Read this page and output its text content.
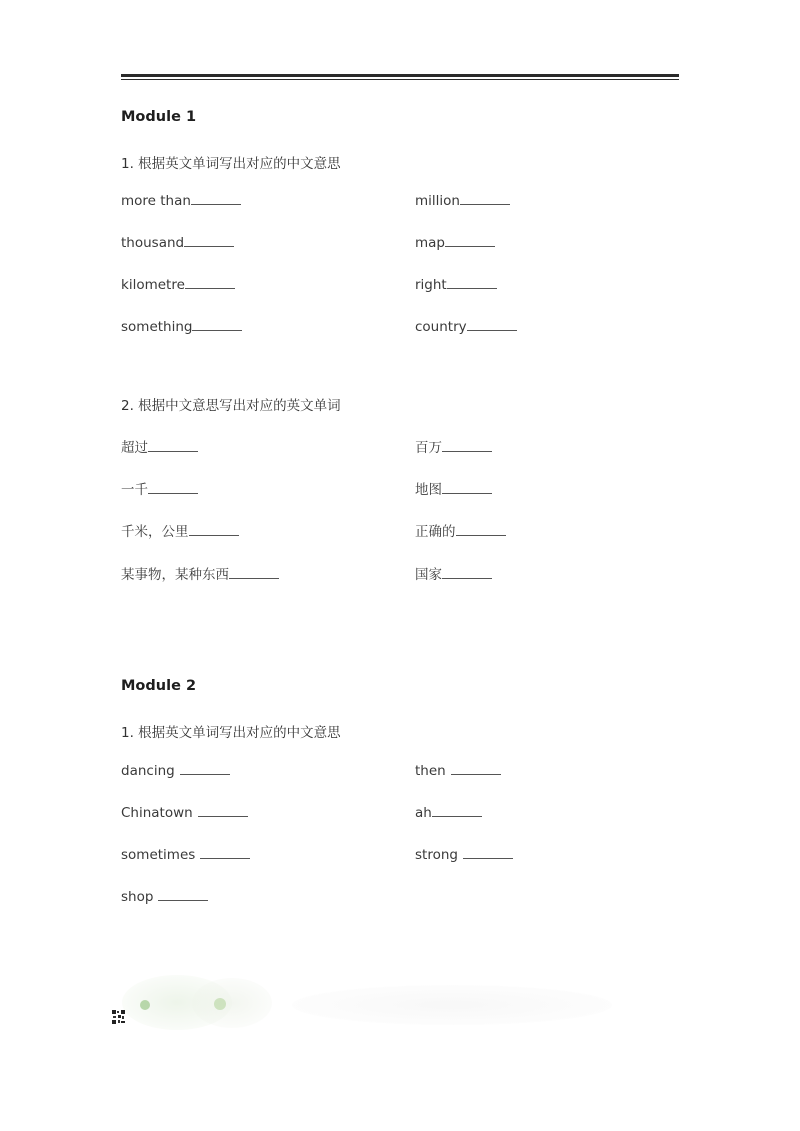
Module 1
1. 根据英文单词写出对应的中文意思
more than	million
thousand	map
kilometre	right
something	country
2. 根据中文意思写出对应的英文单词
超过	百万
一千	地图
千米，公里	正确的
某事物，某种东西	国家
Module 2
1. 根据英文单词写出对应的中文意思
dancing	then
Chinatown	ah
sometimes	strong
shop
